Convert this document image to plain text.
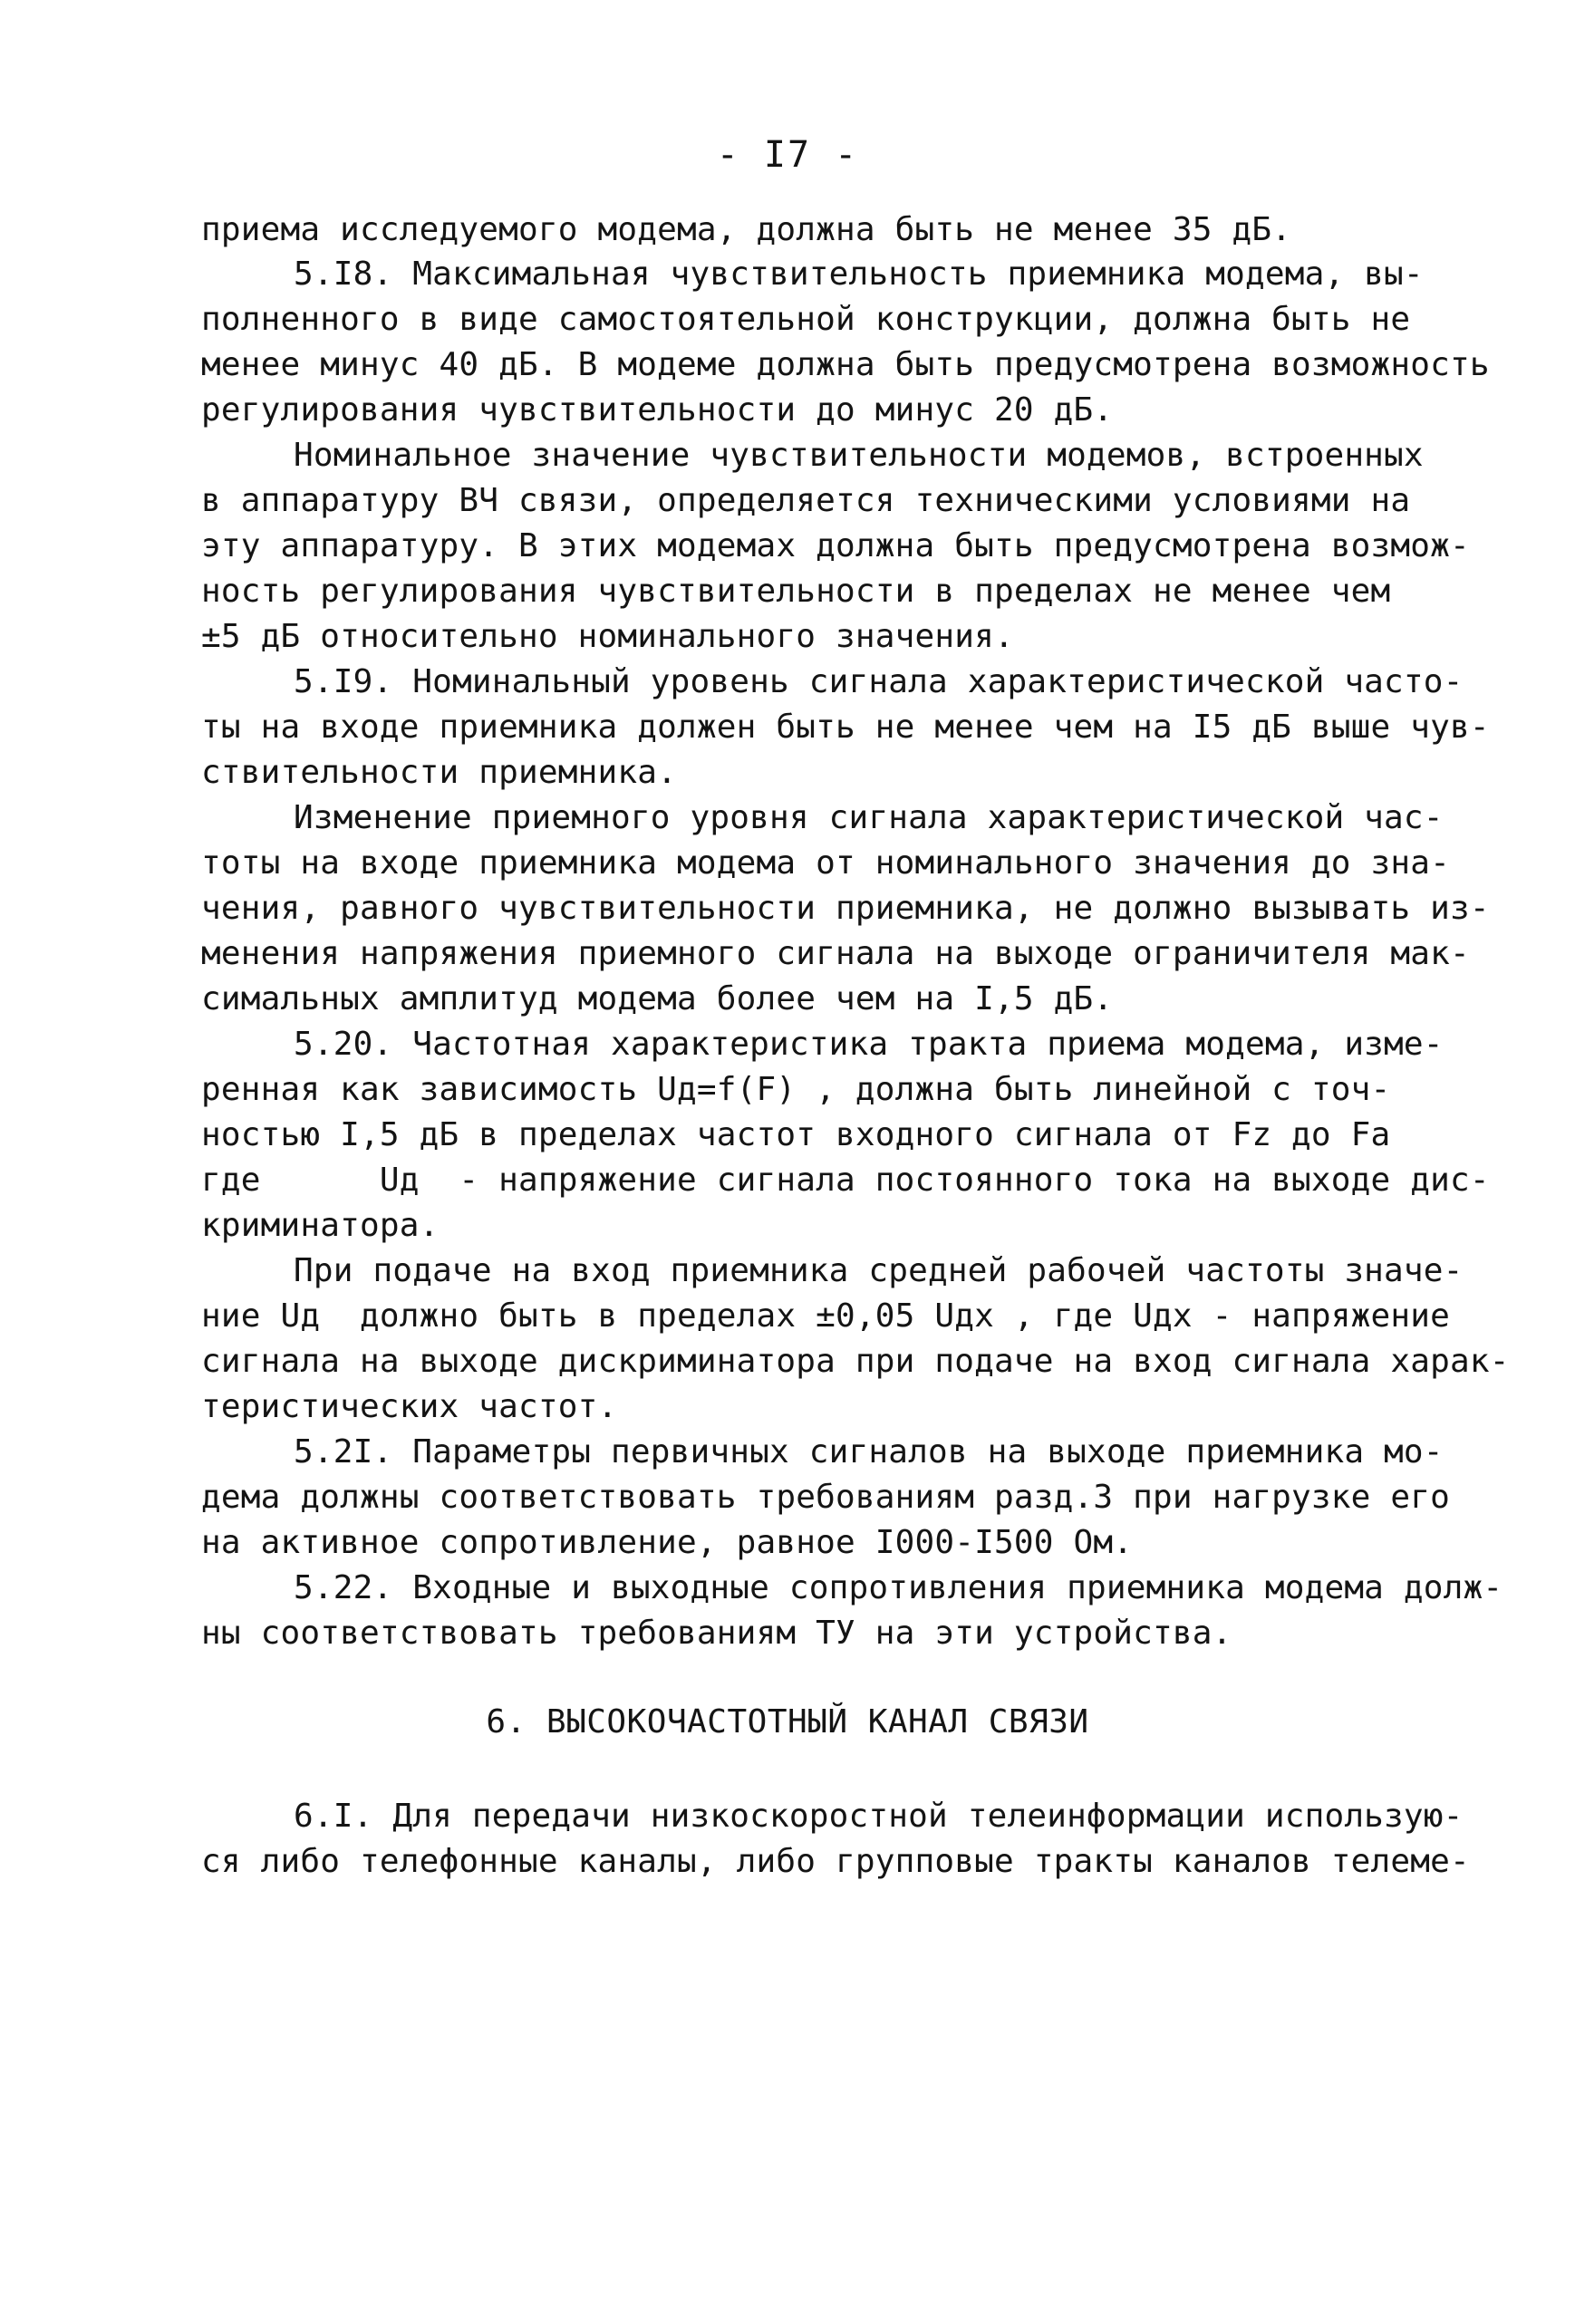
- I7 -
приема исследуемого модема, должна быть не менее 35 дБ.
5.I8. Максимальная чувствительность приемника модема, вы-
полненного в виде самостоятельной конструкции, должна быть не
менее минус 40 дБ. В модеме должна быть предусмотрена возможность
регулирования чувствительности до минус 20 дБ.
Номинальное значение чувствительности модемов, встроенных
в аппаратуру ВЧ связи, определяется техническими условиями на
эту аппаратуру. В этих модемах должна быть предусмотрена возмож-
ность регулирования чувствительности в пределах не менее чем
±5 дБ относительно номинального значения.
5.I9. Номинальный уровень сигнала характеристической часто-
ты на входе приемника должен быть не менее чем на I5 дБ выше чув-
ствительности приемника.
Изменение приемного уровня сигнала характеристической час-
тоты на входе приемника модема от номинального значения до зна-
чения, равного чувствительности приемника, не должно вызывать из-
менения напряжения приемного сигнала на выходе ограничителя мак-
симальных амплитуд модема более чем на I,5 дБ.
5.20. Частотная характеристика тракта приема модема, изме-
ренная как зависимость Uд=f(F) , должна быть линейной с точ-
ностью I,5 дБ в пределах частот входного сигнала от Fz до Fa
где      Uд  - напряжение сигнала постоянного тока на выходе дис-
криминатора.
При подаче на вход приемника средней рабочей частоты значе-
ние Uд  должно быть в пределах ±0,05 Uдx , где Uдx - напряжение
сигнала на выходе дискриминатора при подаче на вход сигнала харак-
теристических частот.
5.2I. Параметры первичных сигналов на выходе приемника мо-
дема должны соответствовать требованиям разд.3 при нагрузке его
на активное сопротивление, равное I000-I500 Ом.
5.22. Входные и выходные сопротивления приемника модема долж-
ны соответствовать требованиям ТУ на эти устройства.
6. ВЫСОКОЧАСТОТНЫЙ КАНАЛ СВЯЗИ
6.I. Для передачи низкоскоростной телеинформации использую-
ся либо телефонные каналы, либо групповые тракты каналов телеме-
